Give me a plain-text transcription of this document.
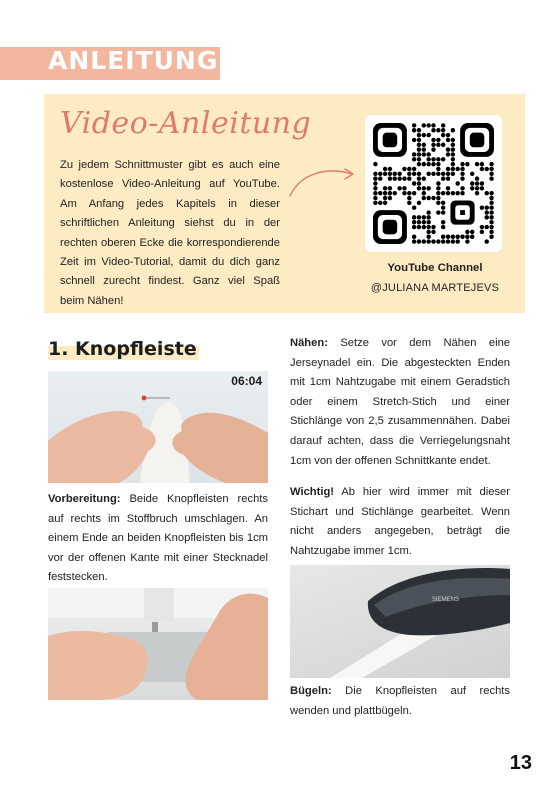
ANLEITUNG
Video-Anleitung

Zu jedem Schnittmuster gibt es auch eine kostenlose Video-Anleitung auf YouTube. Am Anfang jedes Kapitels in dieser schriftlichen Anleitung siehst du in der rechten oberen Ecke die korrespondierende Zeit im Video-Tutorial, damit du dich ganz schnell zurecht findest. Ganz viel Spaß beim Nähen!

YouTube Channel
@JULIANA MARTEJEVS
1. Knopfleiste
06:04

Vorbereitung: Beide Knopfleisten rechts auf rechts im Stoffbruch umschlagen. An einem Ende an beiden Knopfleisten bis 1cm vor der offenen Kante mit einer Stecknadel feststecken.

Nähen: Setze vor dem Nähen eine Jerseynadel ein. Die abgesteckten Enden mit 1cm Nahtzugabe mit einem Geradstich oder einem Stretch-Stich und einer Stichlänge von 2,5 zusammennähen. Dabei darauf achten, dass die Verriegelungsnaht 1cm von der offenen Schnittkante endet.

Wichtig! Ab hier wird immer mit dieser Stichart und Stichlänge gearbeitet. Wenn nicht anders angegeben, beträgt die Nahtzugabe immer 1cm.

SIEMENS

Bügeln: Die Knopfleisten auf rechts wenden und plattbügeln.

13
